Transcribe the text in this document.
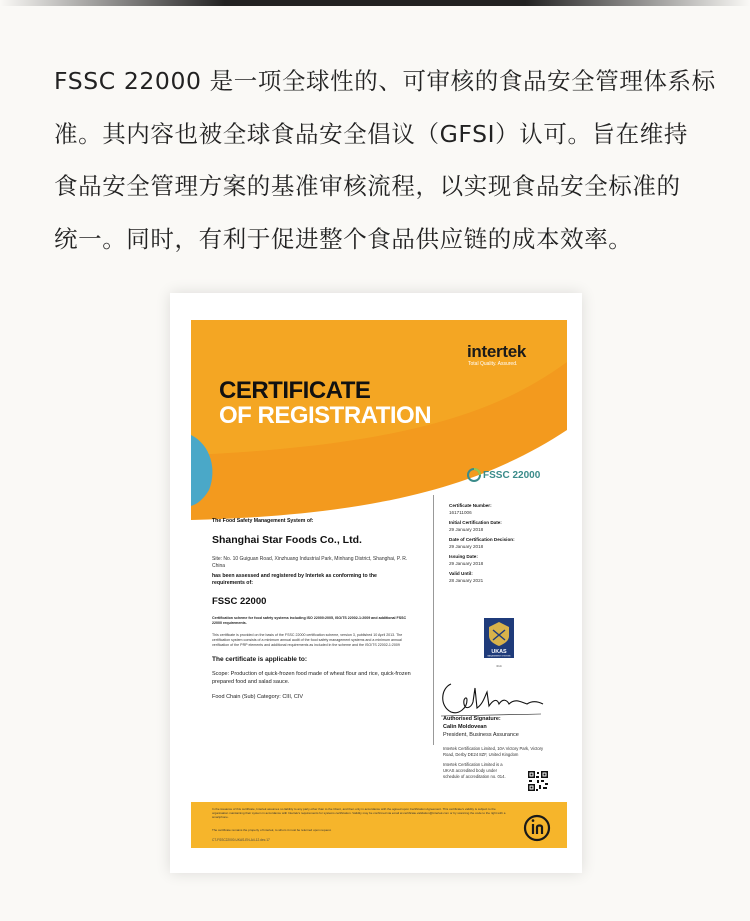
FSSC 22000 是一项全球性的、可审核的食品安全管理体系标
准。其内容也被全球食品安全倡议（GFSI）认可。旨在维持
食品安全管理方案的基准审核流程，以实现食品安全标准的
统一。同时，有利于促进整个食品供应链的成本效率。
intertek
Total Quality. Assured.
CERTIFICATE
OF REGISTRATION
FSSC 22000
The Food Safety Management System of:
Shanghai Star Foods Co., Ltd.
Site: No. 10 Guiguan Road, Xinzhuang Industrial Park, Minhang District, Shanghai, P. R. China
has been assessed and registered by Intertek as conforming to the requirements of:
FSSC 22000
Certification scheme for food safety systems including ISO 22000:2005, ISO/TS 22002-1:2009 and additional FSSC 22000 requirements.
This certificate is provided on the basis of the FSSC 22000 certification scheme, version 3, published 10 April 2013. The certification system consists of a minimum annual audit of the food safety management systems and a minimum annual verification of the PRP elements and additional requirements as included in the scheme and the ISO/TS 22002-1:2009
The certificate is applicable to:
Scope: Production of quick-frozen food made of wheat flour and rice, quick-frozen prepared food and salad sauce.
Food Chain (Sub) Category: CIII, CIV
Certificate Number:
161711006
Initial Certification Date:
29 January 2018
Date of Certification Decision:
29 January 2018
Issuing Date:
29 January 2018
Valid Until:
28 January 2021
UKAS
MANAGEMENT SYSTEMS
014
Authorised Signature:
Calin Moldovean
President, Business Assurance
Intertek Certification Limited, 10A Victory Park, Victory Road, Derby DE24 8ZF, United Kingdom
Intertek Certification Limited is a UKAS accredited body under schedule of accreditation no. 014.
In the issuance of this certificate, Intertek assumes no liability to any party other than to the Client, and then only in accordance with the agreed upon Certification Agreement. This certificate's validity is subject to the organisation maintaining their system in accordance with Intertek's requirements for systems certification. Validity may be confirmed via email at certificate.validation@intertek.com or by scanning the code to the right with a smartphone.
The certificate remains the property of Intertek, to whom it must be returned upon request.
CT-FSSC22000-UKAS-EN-A4-12.dec.17
